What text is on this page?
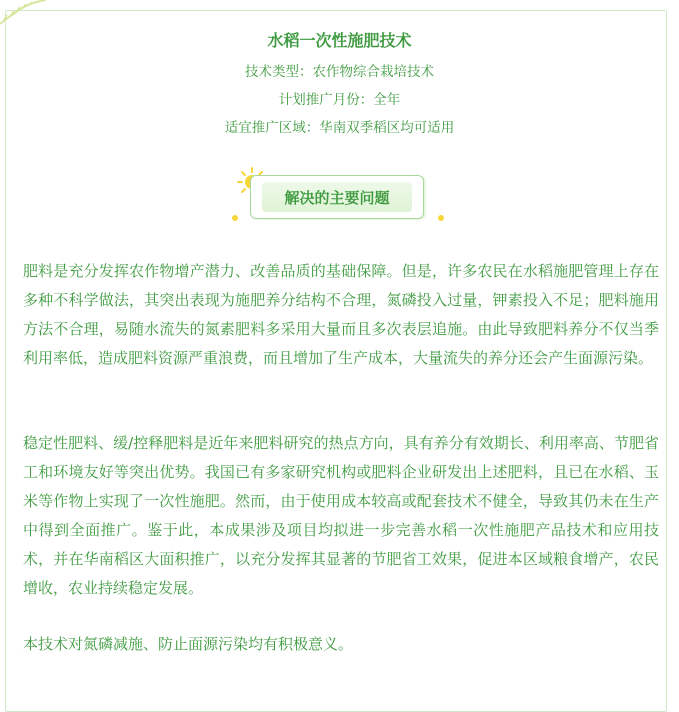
水稻一次性施肥技术
技术类型：农作物综合栽培技术
计划推广月份：全年
适宜推广区域：华南双季稻区均可适用
解决的主要问题

肥料是充分发挥农作物增产潜力、改善品质的基础保障。但是，许多农民在水稻施肥管理上存在多种不科学做法，其突出表现为施肥养分结构不合理，氮磷投入过量，钾素投入不足；肥料施用方法不合理，易随水流失的氮素肥料多采用大量而且多次表层追施。由此导致肥料养分不仅当季利用率低，造成肥料资源严重浪费，而且增加了生产成本，大量流失的养分还会产生面源污染。

稳定性肥料、缓/控释肥料是近年来肥料研究的热点方向，具有养分有效期长、利用率高、节肥省工和环境友好等突出优势。我国已有多家研究机构或肥料企业研发出上述肥料，且已在水稻、玉米等作物上实现了一次性施肥。然而，由于使用成本较高或配套技术不健全，导致其仍未在生产中得到全面推广。鉴于此，本成果涉及项目均拟进一步完善水稻一次性施肥产品技术和应用技术，并在华南稻区大面积推广，以充分发挥其显著的节肥省工效果，促进本区域粮食增产，农民增收，农业持续稳定发展。

本技术对氮磷减施、防止面源污染均有积极意义。
